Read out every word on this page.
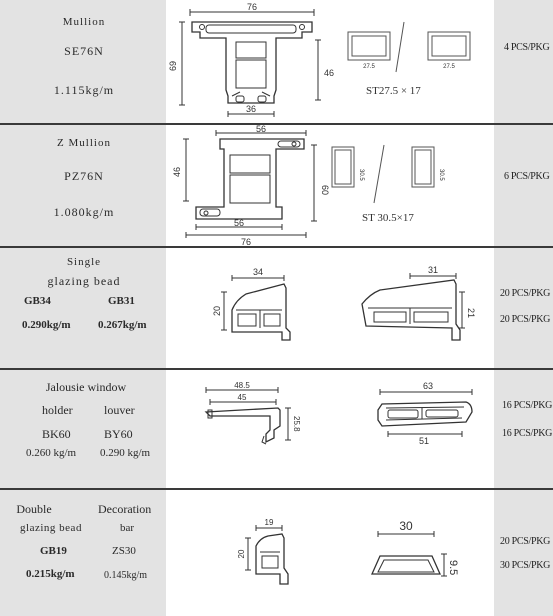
Mullion
SE76N
1.115kg/m
76
69
46
36
27.5	27.5
ST27.5 × 17
4 PCS/PKG
Z Mullion
PZ76N
1.080kg/m
56
46
60
56
76
30.5	30.5
ST 30.5×17
6 PCS/PKG
Single
glazing bead
GB34	GB31
0.290kg/m 0.267kg/m
34
20
31
21
20 PCS/PKG
20 PCS/PKG
Jalousie window
holder	louver
BK60	BY60
0.260 kg/m 0.290 kg/m
48.5
45
25.8
63
51
16 PCS/PKG
16 PCS/PKG
Double	Decoration
glazing bead	bar
GB19	ZS30
0.215kg/m	0.145kg/m
19
20
30
9.5
20 PCS/PKG
30 PCS/PKG
